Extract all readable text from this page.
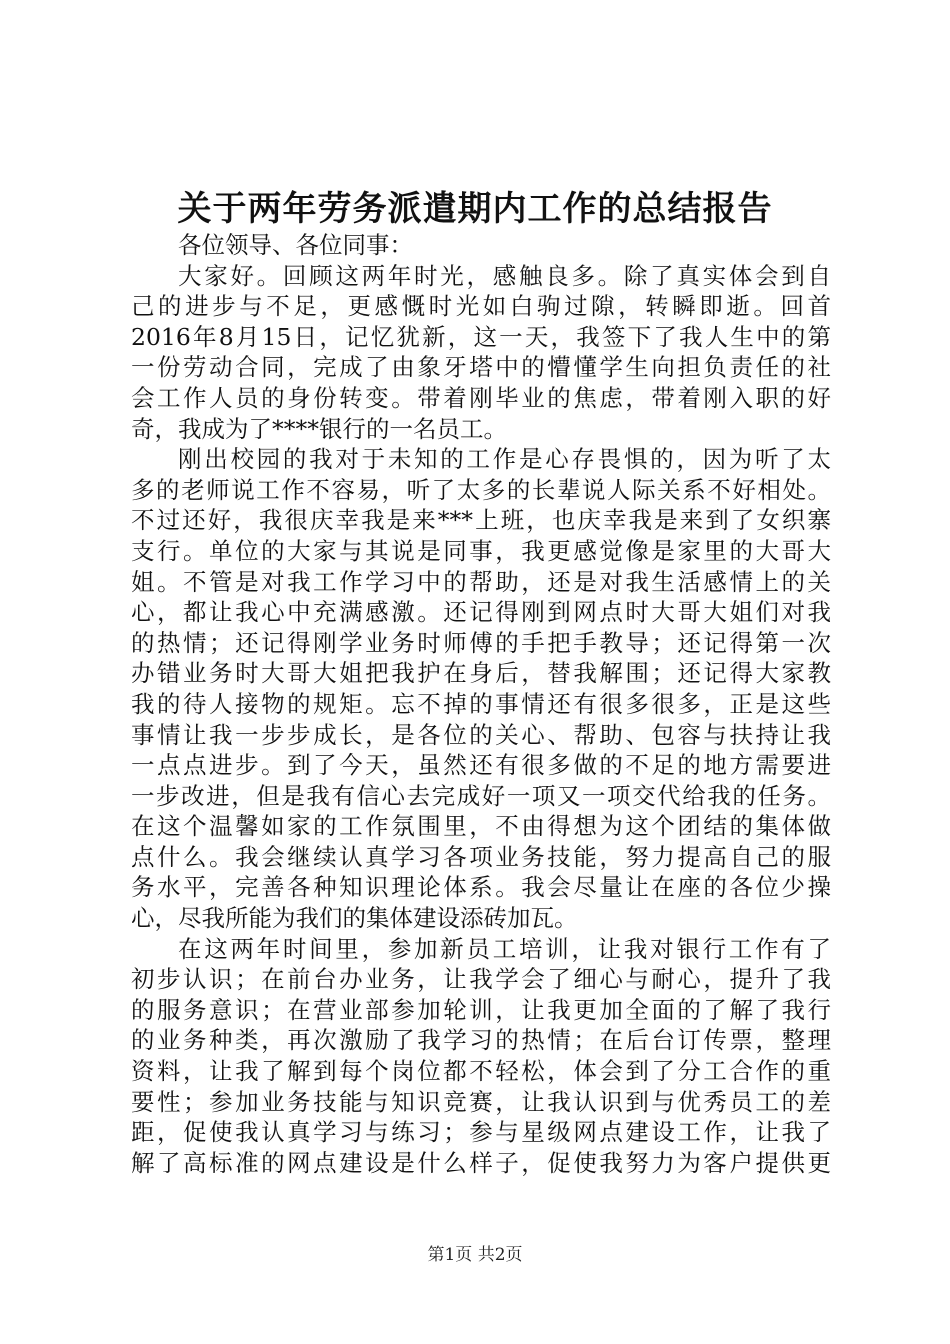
关于两年劳务派遣期内工作的总结报告
各位领导、各位同事：
大家好。回顾这两年时光，感触良多。除了真实体会到自
己的进步与不足，更感慨时光如白驹过隙，转瞬即逝。回首
2016年8月15日，记忆犹新，这一天，我签下了我人生中的第
一份劳动合同，完成了由象牙塔中的懵懂学生向担负责任的社
会工作人员的身份转变。带着刚毕业的焦虑，带着刚入职的好
奇，我成为了****银行的一名员工。
刚出校园的我对于未知的工作是心存畏惧的，因为听了太
多的老师说工作不容易，听了太多的长辈说人际关系不好相处。
不过还好，我很庆幸我是来***上班，也庆幸我是来到了女织寨
支行。单位的大家与其说是同事，我更感觉像是家里的大哥大
姐。不管是对我工作学习中的帮助，还是对我生活感情上的关
心，都让我心中充满感激。还记得刚到网点时大哥大姐们对我
的热情；还记得刚学业务时师傅的手把手教导；还记得第一次
办错业务时大哥大姐把我护在身后，替我解围；还记得大家教
我的待人接物的规矩。忘不掉的事情还有很多很多，正是这些
事情让我一步步成长，是各位的关心、帮助、包容与扶持让我
一点点进步。到了今天，虽然还有很多做的不足的地方需要进
一步改进，但是我有信心去完成好一项又一项交代给我的任务。
在这个温馨如家的工作氛围里，不由得想为这个团结的集体做
点什么。我会继续认真学习各项业务技能，努力提高自己的服
务水平，完善各种知识理论体系。我会尽量让在座的各位少操
心，尽我所能为我们的集体建设添砖加瓦。
在这两年时间里，参加新员工培训，让我对银行工作有了
初步认识；在前台办业务，让我学会了细心与耐心，提升了我
的服务意识；在营业部参加轮训，让我更加全面的了解了我行
的业务种类，再次激励了我学习的热情；在后台订传票，整理
资料，让我了解到每个岗位都不轻松，体会到了分工合作的重
要性；参加业务技能与知识竞赛，让我认识到与优秀员工的差
距，促使我认真学习与练习；参与星级网点建设工作，让我了
解了高标准的网点建设是什么样子，促使我努力为客户提供更
第1页 共2页
